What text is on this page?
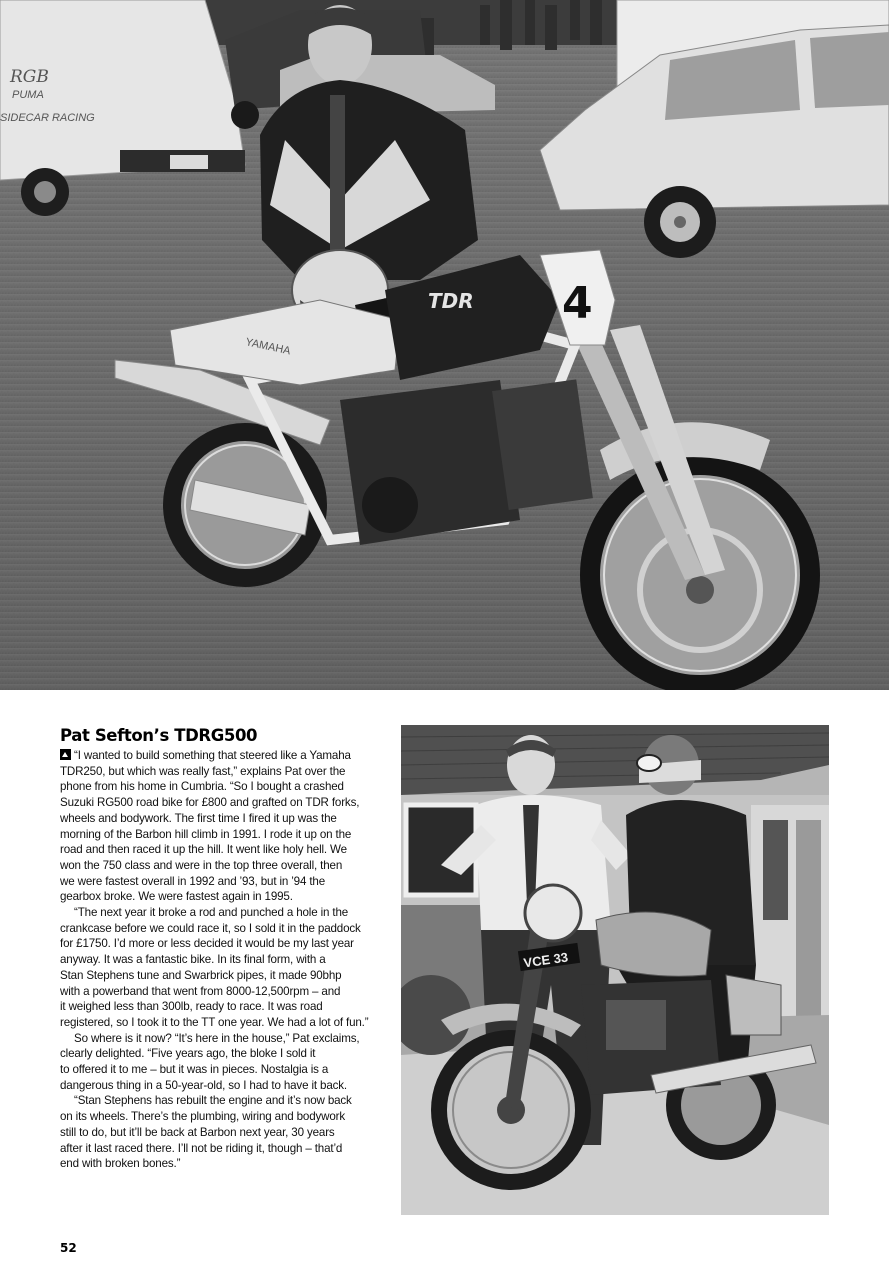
RGB
PUMA
SIDECAR RACING
YAMAHA
TDR 4
Pat Sefton’s TDRG500

“I wanted to build something that steered like a Yamaha
TDR250, but which was really fast,” explains Pat over the
phone from his home in Cumbria. “So I bought a crashed
Suzuki RG500 road bike for £800 and grafted on TDR forks,
wheels and bodywork. The first time I fired it up was the
morning of the Barbon hill climb in 1991. I rode it up on the
road and then raced it up the hill. It went like holy hell. We
won the 750 class and were in the top three overall, then
we were fastest overall in 1992 and ’93, but in ’94 the
gearbox broke. We were fastest again in 1995.

“The next year it broke a rod and punched a hole in the
crankcase before we could race it, so I sold it in the paddock
for £1750. I’d more or less decided it would be my last year
anyway. It was a fantastic bike. In its final form, with a
Stan Stephens tune and Swarbrick pipes, it made 90bhp
with a powerband that went from 8000-12,500rpm – and
it weighed less than 300lb, ready to race. It was road
registered, so I took it to the TT one year. We had a lot of fun.”

So where is it now? “It’s here in the house,” Pat exclaims,
clearly delighted. “Five years ago, the bloke I sold it
to offered it to me – but it was in pieces. Nostalgia is a
dangerous thing in a 50-year-old, so I had to have it back.

“Stan Stephens has rebuilt the engine and it’s now back
on its wheels. There’s the plumbing, wiring and bodywork
still to do, but it’ll be back at Barbon next year, 30 years
after it last raced there. I’ll not be riding it, though – that’d
end with broken bones.”

VCE 33
52
